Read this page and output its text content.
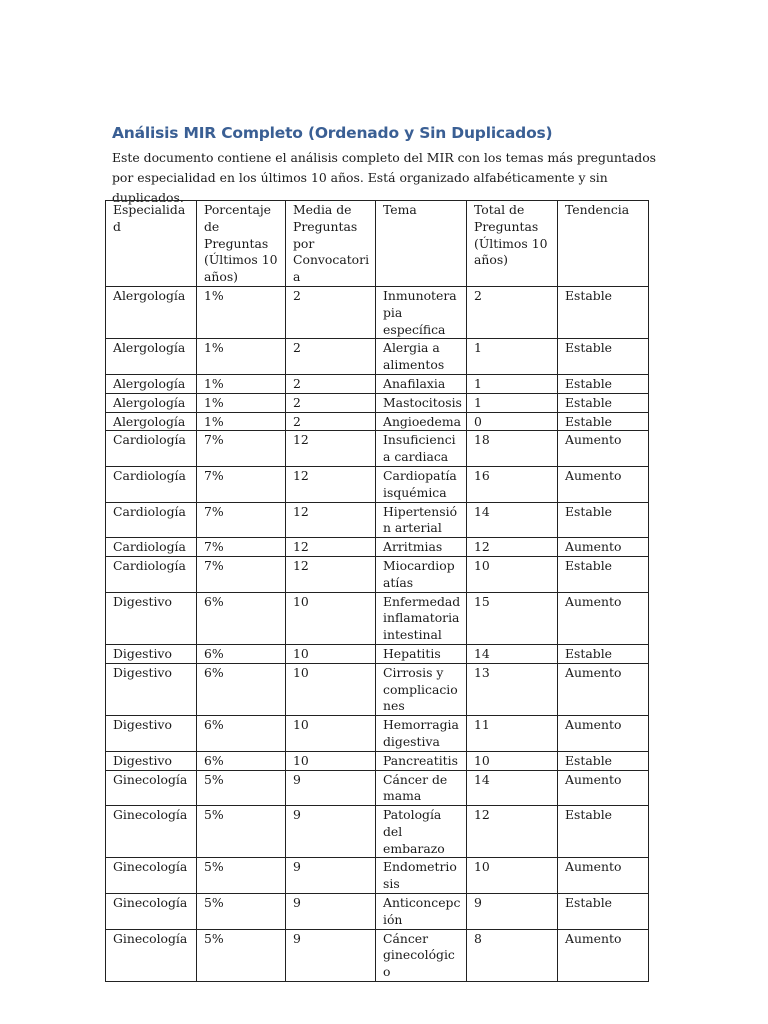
Análisis MIR Completo (Ordenado y Sin Duplicados)

Este documento contiene el análisis completo del MIR con los temas más preguntados por especialidad en los últimos 10 años. Está organizado alfabéticamente y sin duplicados.

Especialidad	Porcentaje de Preguntas (Últimos 10 años)	Media de Preguntas por Convocatoria	Tema	Total de Preguntas (Últimos 10 años)	Tendencia
Alergología	1%	2	Inmunoterapia específica	2	Estable
Alergología	1%	2	Alergia a alimentos	1	Estable
Alergología	1%	2	Anafilaxia	1	Estable
Alergología	1%	2	Mastocitosis	1	Estable
Alergología	1%	2	Angioedema	0	Estable
Cardiología	7%	12	Insuficiencia cardiaca	18	Aumento
Cardiología	7%	12	Cardiopatía isquémica	16	Aumento
Cardiología	7%	12	Hipertensión arterial	14	Estable
Cardiología	7%	12	Arritmias	12	Aumento
Cardiología	7%	12	Miocardiopatías	10	Estable
Digestivo	6%	10	Enfermedad inflamatoria intestinal	15	Aumento
Digestivo	6%	10	Hepatitis	14	Estable
Digestivo	6%	10	Cirrosis y complicaciones	13	Aumento
Digestivo	6%	10	Hemorragia digestiva	11	Aumento
Digestivo	6%	10	Pancreatitis	10	Estable
Ginecología	5%	9	Cáncer de mama	14	Aumento
Ginecología	5%	9	Patología del embarazo	12	Estable
Ginecología	5%	9	Endometriosis	10	Aumento
Ginecología	5%	9	Anticoncepción	9	Estable
Ginecología	5%	9	Cáncer ginecológico	8	Aumento
